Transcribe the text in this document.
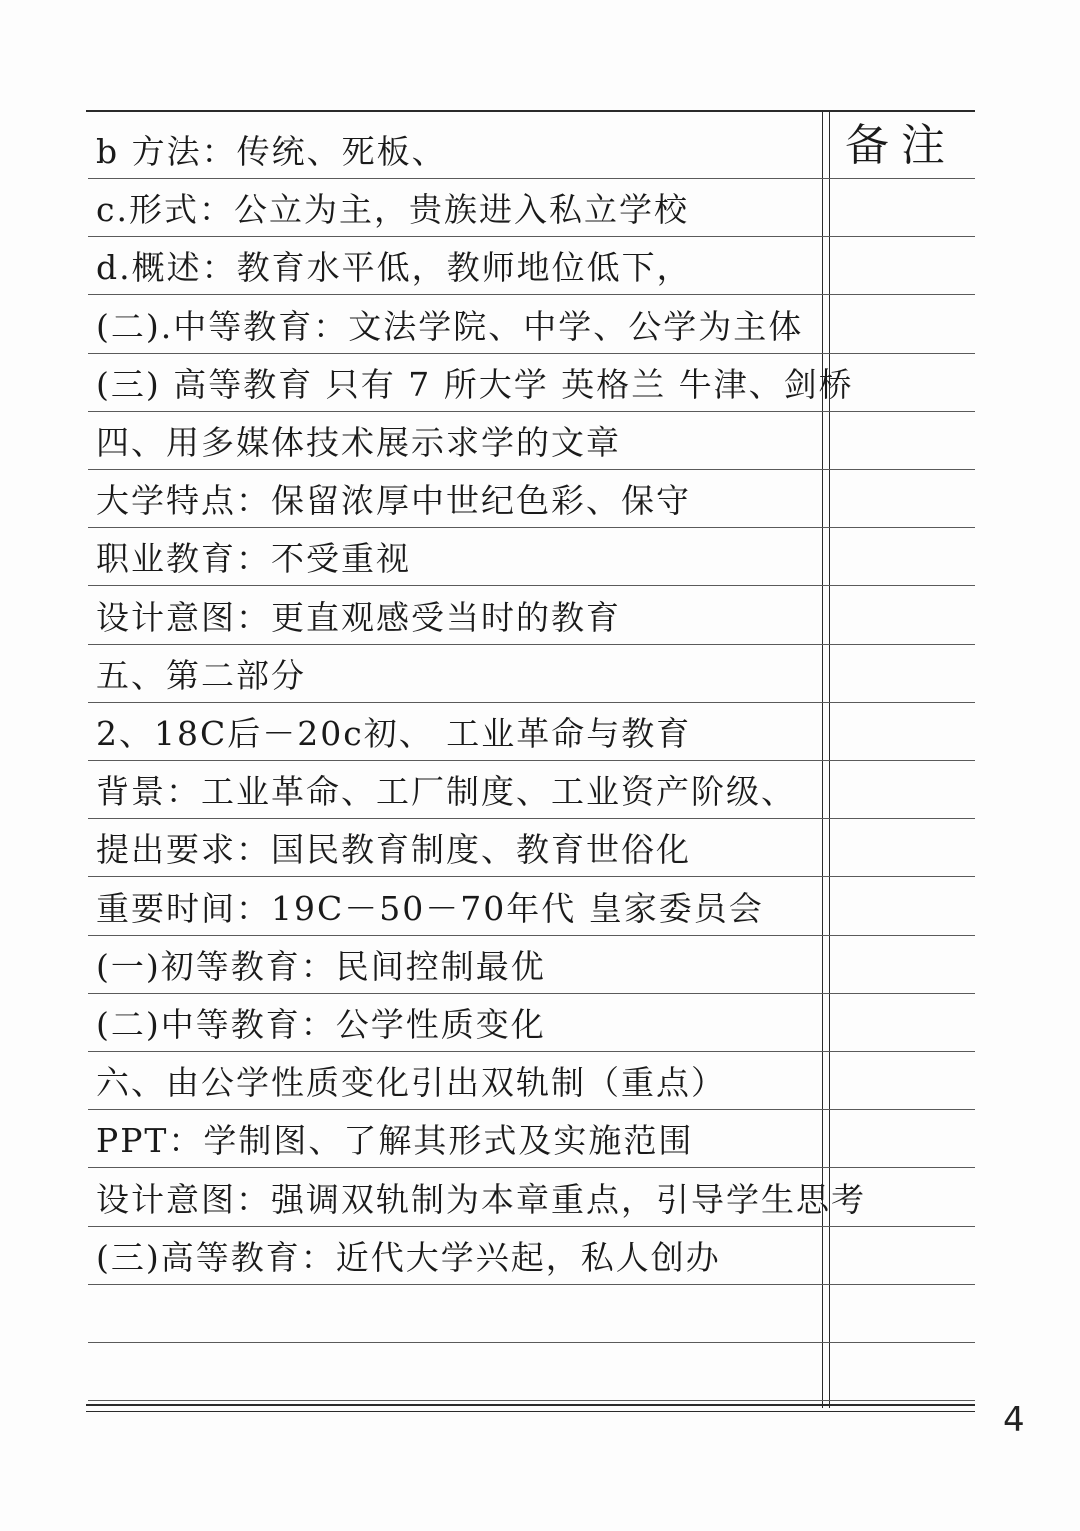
备注
b 方法：传统、死板、
c.形式：公立为主，贵族进入私立学校
d.概述：教育水平低，教师地位低下，
(二).中等教育：文法学院、中学、公学为主体
(三) 高等教育 只有 7 所大学 英格兰 牛津、剑桥
四、用多媒体技术展示求学的文章
大学特点：保留浓厚中世纪色彩、保守
职业教育：不受重视
设计意图：更直观感受当时的教育
五、第二部分
2、18C后－20c初、 工业革命与教育
背景：工业革命、工厂制度、工业资产阶级、
提出要求：国民教育制度、教育世俗化
重要时间：19C－50－70年代 皇家委员会
(一)初等教育：民间控制最优
(二)中等教育：公学性质变化
六、由公学性质变化引出双轨制（重点）
PPT：学制图、了解其形式及实施范围
设计意图：强调双轨制为本章重点，引导学生思考
(三)高等教育：近代大学兴起，私人创办
4
